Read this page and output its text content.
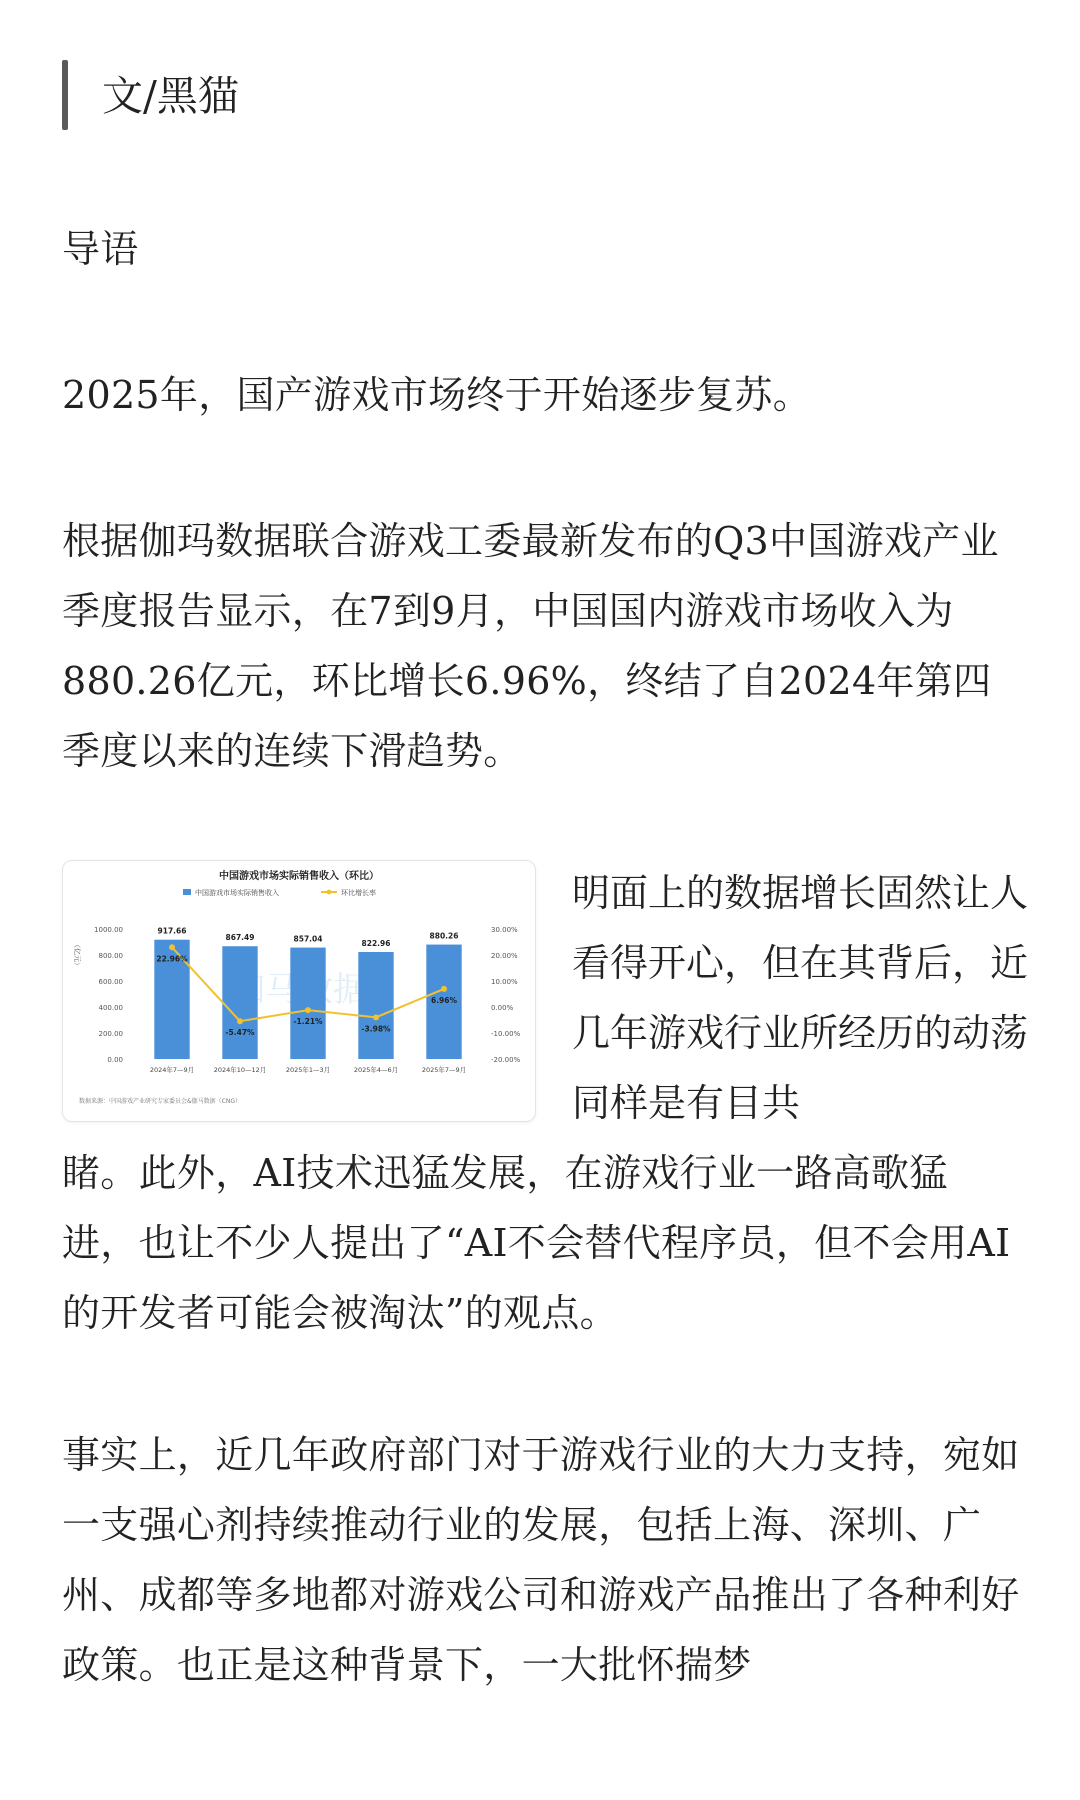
文/黑猫

导语

2025年，国产游戏市场终于开始逐步复苏。

根据伽玛数据联合游戏工委最新发布的Q3中国游戏产业季度报告显示，在7到9月，中国国内游戏市场收入为880.26亿元，环比增长6.96%，终结了自2024年第四季度以来的连续下滑趋势。

中国游戏市场实际销售收入（环比）
中国游戏市场实际销售收入	环比增长率
（亿元）
1000.00
800.00
600.00
400.00
200.00
0.00
30.00%
20.00%
10.00%
0.00%
-10.00%
-20.00%
917.66
2024年7—9月
867.49
2024年10—12月
857.04
2025年1—3月
822.96
2025年4—6月
880.26
2025年7—9月
22.96%
-5.47%
-1.21%
-3.98%
6.96%
数据来源：中国游戏产业研究专家委员会&伽马数据（CNG）
明面上的数据增长固然让人看得开心，但在其背后，近几年游戏行业所经历的动荡同样是有目共

睹。此外，AI技术迅猛发展，在游戏行业一路高歌猛进，也让不少人提出了“AI不会替代程序员，但不会用AI的开发者可能会被淘汰”的观点。

事实上，近几年政府部门对于游戏行业的大力支持，宛如一支强心剂持续推动行业的发展，包括上海、深圳、广州、成都等多地都对游戏公司和游戏产品推出了各种利好政策。也正是这种背景下，一大批怀揣梦
